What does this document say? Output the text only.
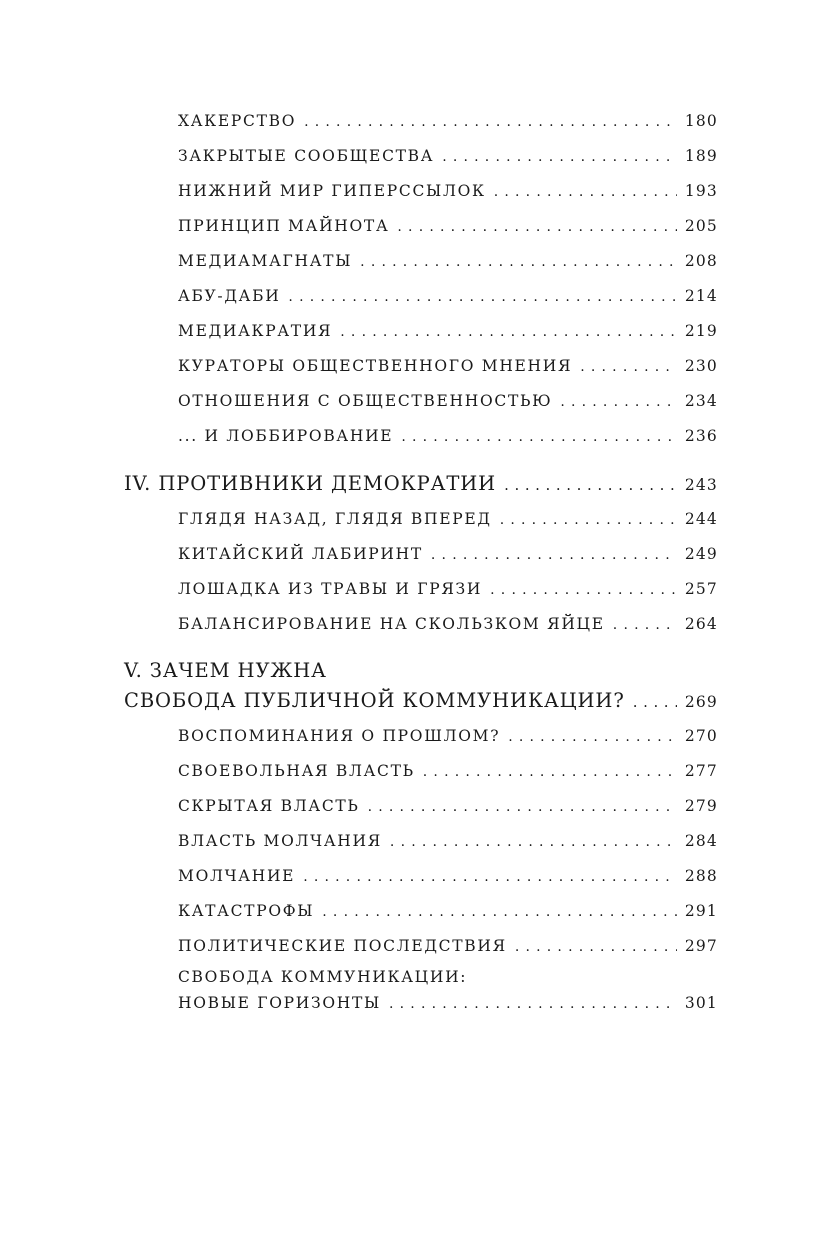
ХАКЕРСТВО .....	180
ЗАКРЫТЫЕ СООБЩЕСТВА .....	189
НИЖНИЙ МИР ГИПЕРССЫЛОК .....	193
ПРИНЦИП МАЙНОТА .....	205
МЕДИАМАГНАТЫ .....	208
АБУ-ДАБИ .....	214
МЕДИАКРАТИЯ .....	219
КУРАТОРЫ ОБЩЕСТВЕННОГО МНЕНИЯ .....	230
ОТНОШЕНИЯ С ОБЩЕСТВЕННОСТЬЮ .....	234
... И ЛОББИРОВАНИЕ .....	236
IV. ПРОТИВНИКИ ДЕМОКРАТИИ .....	243
ГЛЯДЯ НАЗАД, ГЛЯДЯ ВПЕРЕД .....	244
КИТАЙСКИЙ ЛАБИРИНТ .....	249
ЛОШАДКА ИЗ ТРАВЫ И ГРЯЗИ .....	257
БАЛАНСИРОВАНИЕ НА СКОЛЬЗКОМ ЯЙЦЕ .....	264
V. ЗАЧЕМ НУЖНА
СВОБОДА ПУБЛИЧНОЙ КОММУНИКАЦИИ? .....	269
ВОСПОМИНАНИЯ О ПРОШЛОМ? .....	270
СВОЕВОЛЬНАЯ ВЛАСТЬ .....	277
СКРЫТАЯ ВЛАСТЬ .....	279
ВЛАСТЬ МОЛЧАНИЯ .....	284
МОЛЧАНИЕ .....	288
КАТАСТРОФЫ .....	291
ПОЛИТИЧЕСКИЕ ПОСЛЕДСТВИЯ .....	297
СВОБОДА КОММУНИКАЦИИ:
НОВЫЕ ГОРИЗОНТЫ .....	301
